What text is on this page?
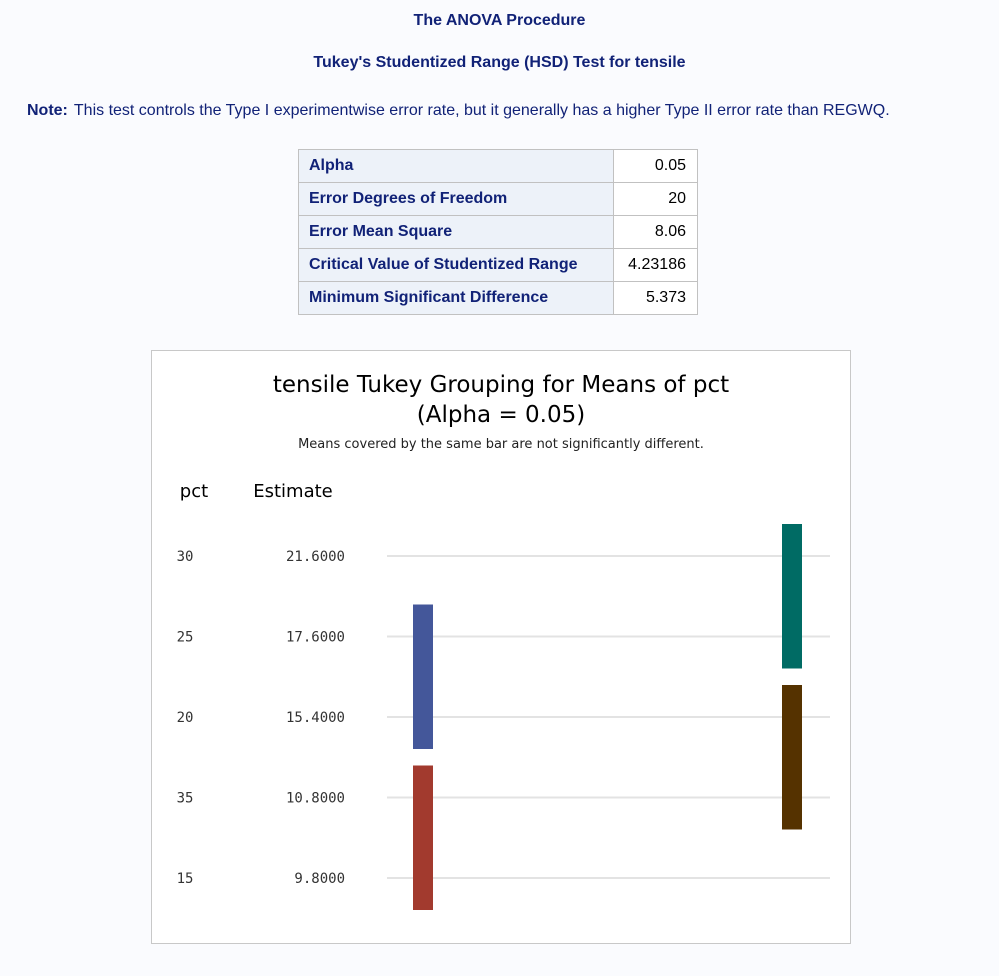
The ANOVA Procedure
Tukey's Studentized Range (HSD) Test for tensile
Note: This test controls the Type I experimentwise error rate, but it generally has a higher Type II error rate than REGWQ.
Alpha	0.05
Error Degrees of Freedom	20
Error Mean Square	8.06
Critical Value of Studentized Range	4.23186
Minimum Significant Difference	5.373
tensile Tukey Grouping for Means of pct
(Alpha = 0.05)
Means covered by the same bar are not significantly different.
pct	Estimate
30	21.6000
25	17.6000
20	15.4000
35	10.8000
15	9.8000
